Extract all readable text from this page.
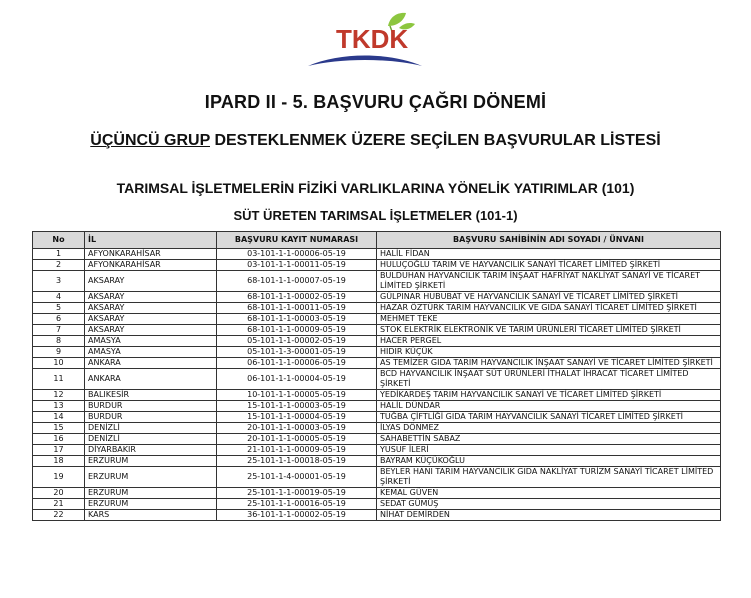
TKDK
IPARD II - 5. BAŞVURU ÇAĞRI DÖNEMİ
ÜÇÜNCÜ GRUP DESTEKLENMEK ÜZERE SEÇİLEN BAŞVURULAR LİSTESİ
TARIMSAL İŞLETMELERİN FİZİKİ VARLIKLARINA YÖNELİK YATIRIMLAR (101)
SÜT ÜRETEN TARIMSAL İŞLETMELER (101-1)
No	İL	BAŞVURU KAYIT NUMARASI	BAŞVURU SAHİBİNİN ADI SOYADI / ÜNVANI
1	AFYONKARAHİSAR	03-101-1-1-00006-05-19	HALİL FİDAN
2	AFYONKARAHİSAR	03-101-1-1-00011-05-19	HULUÇOĞLU TARIM VE HAYVANCILIK SANAYİ TİCARET LİMİTED ŞİRKETİ
3	AKSARAY	68-101-1-1-00007-05-19	BULDUHAN HAYVANCILIK TARIM İNŞAAT HAFRİYAT NAKLİYAT SANAYİ VE TİCARET LİMİTED ŞİRKETİ
4	AKSARAY	68-101-1-1-00002-05-19	GÜLPINAR HUBUBAT VE HAYVANCILIK SANAYİ VE TİCARET LİMİTED ŞİRKETİ
5	AKSARAY	68-101-1-1-00011-05-19	HAZAR ÖZTÜRK TARIM HAYVANCILIK VE GIDA SANAYİ TİCARET LİMİTED ŞİRKETİ
6	AKSARAY	68-101-1-1-00003-05-19	MEHMET TEKE
7	AKSARAY	68-101-1-1-00009-05-19	STOK ELEKTRİK ELEKTRONİK VE TARIM ÜRÜNLERİ TİCARET LİMİTED ŞİRKETİ
8	AMASYA	05-101-1-1-00002-05-19	HACER PERGEL
9	AMASYA	05-101-1-3-00001-05-19	HIDIR KÜÇÜK
10	ANKARA	06-101-1-1-00006-05-19	AS TEMİZER GIDA TARIM HAYVANCILIK İNŞAAT SANAYİ VE TİCARET LİMİTED ŞİRKETİ
11	ANKARA	06-101-1-1-00004-05-19	BCD HAYVANCILIK İNŞAAT SÜT ÜRÜNLERİ İTHALAT İHRACAT TİCARET LİMİTED ŞİRKETİ
12	BALIKESİR	10-101-1-1-00005-05-19	YEDİKARDEŞ TARIM HAYVANCILIK SANAYİ VE TİCARET LİMİTED ŞİRKETİ
13	BURDUR	15-101-1-1-00003-05-19	HALİL DÜNDAR
14	BURDUR	15-101-1-1-00004-05-19	TUĞBA ÇİFTLİĞİ GIDA TARIM HAYVANCILIK SANAYİ TİCARET LİMİTED ŞİRKETİ
15	DENİZLİ	20-101-1-1-00003-05-19	İLYAS DÖNMEZ
16	DENİZLİ	20-101-1-1-00005-05-19	SAHABETTİN SABAZ
17	DİYARBAKIR	21-101-1-1-00009-05-19	YUSUF İLERİ
18	ERZURUM	25-101-1-1-00018-05-19	BAYRAM KÜÇÜKOĞLU
19	ERZURUM	25-101-1-4-00001-05-19	BEYLER HANI TARIM HAYVANCILIK GIDA NAKLİYAT TURİZM SANAYİ TİCARET LİMİTED ŞİRKETİ
20	ERZURUM	25-101-1-1-00019-05-19	KEMAL GÜVEN
21	ERZURUM	25-101-1-1-00016-05-19	SEDAT GÜMÜŞ
22	KARS	36-101-1-1-00002-05-19	NİHAT DEMİRDEN
